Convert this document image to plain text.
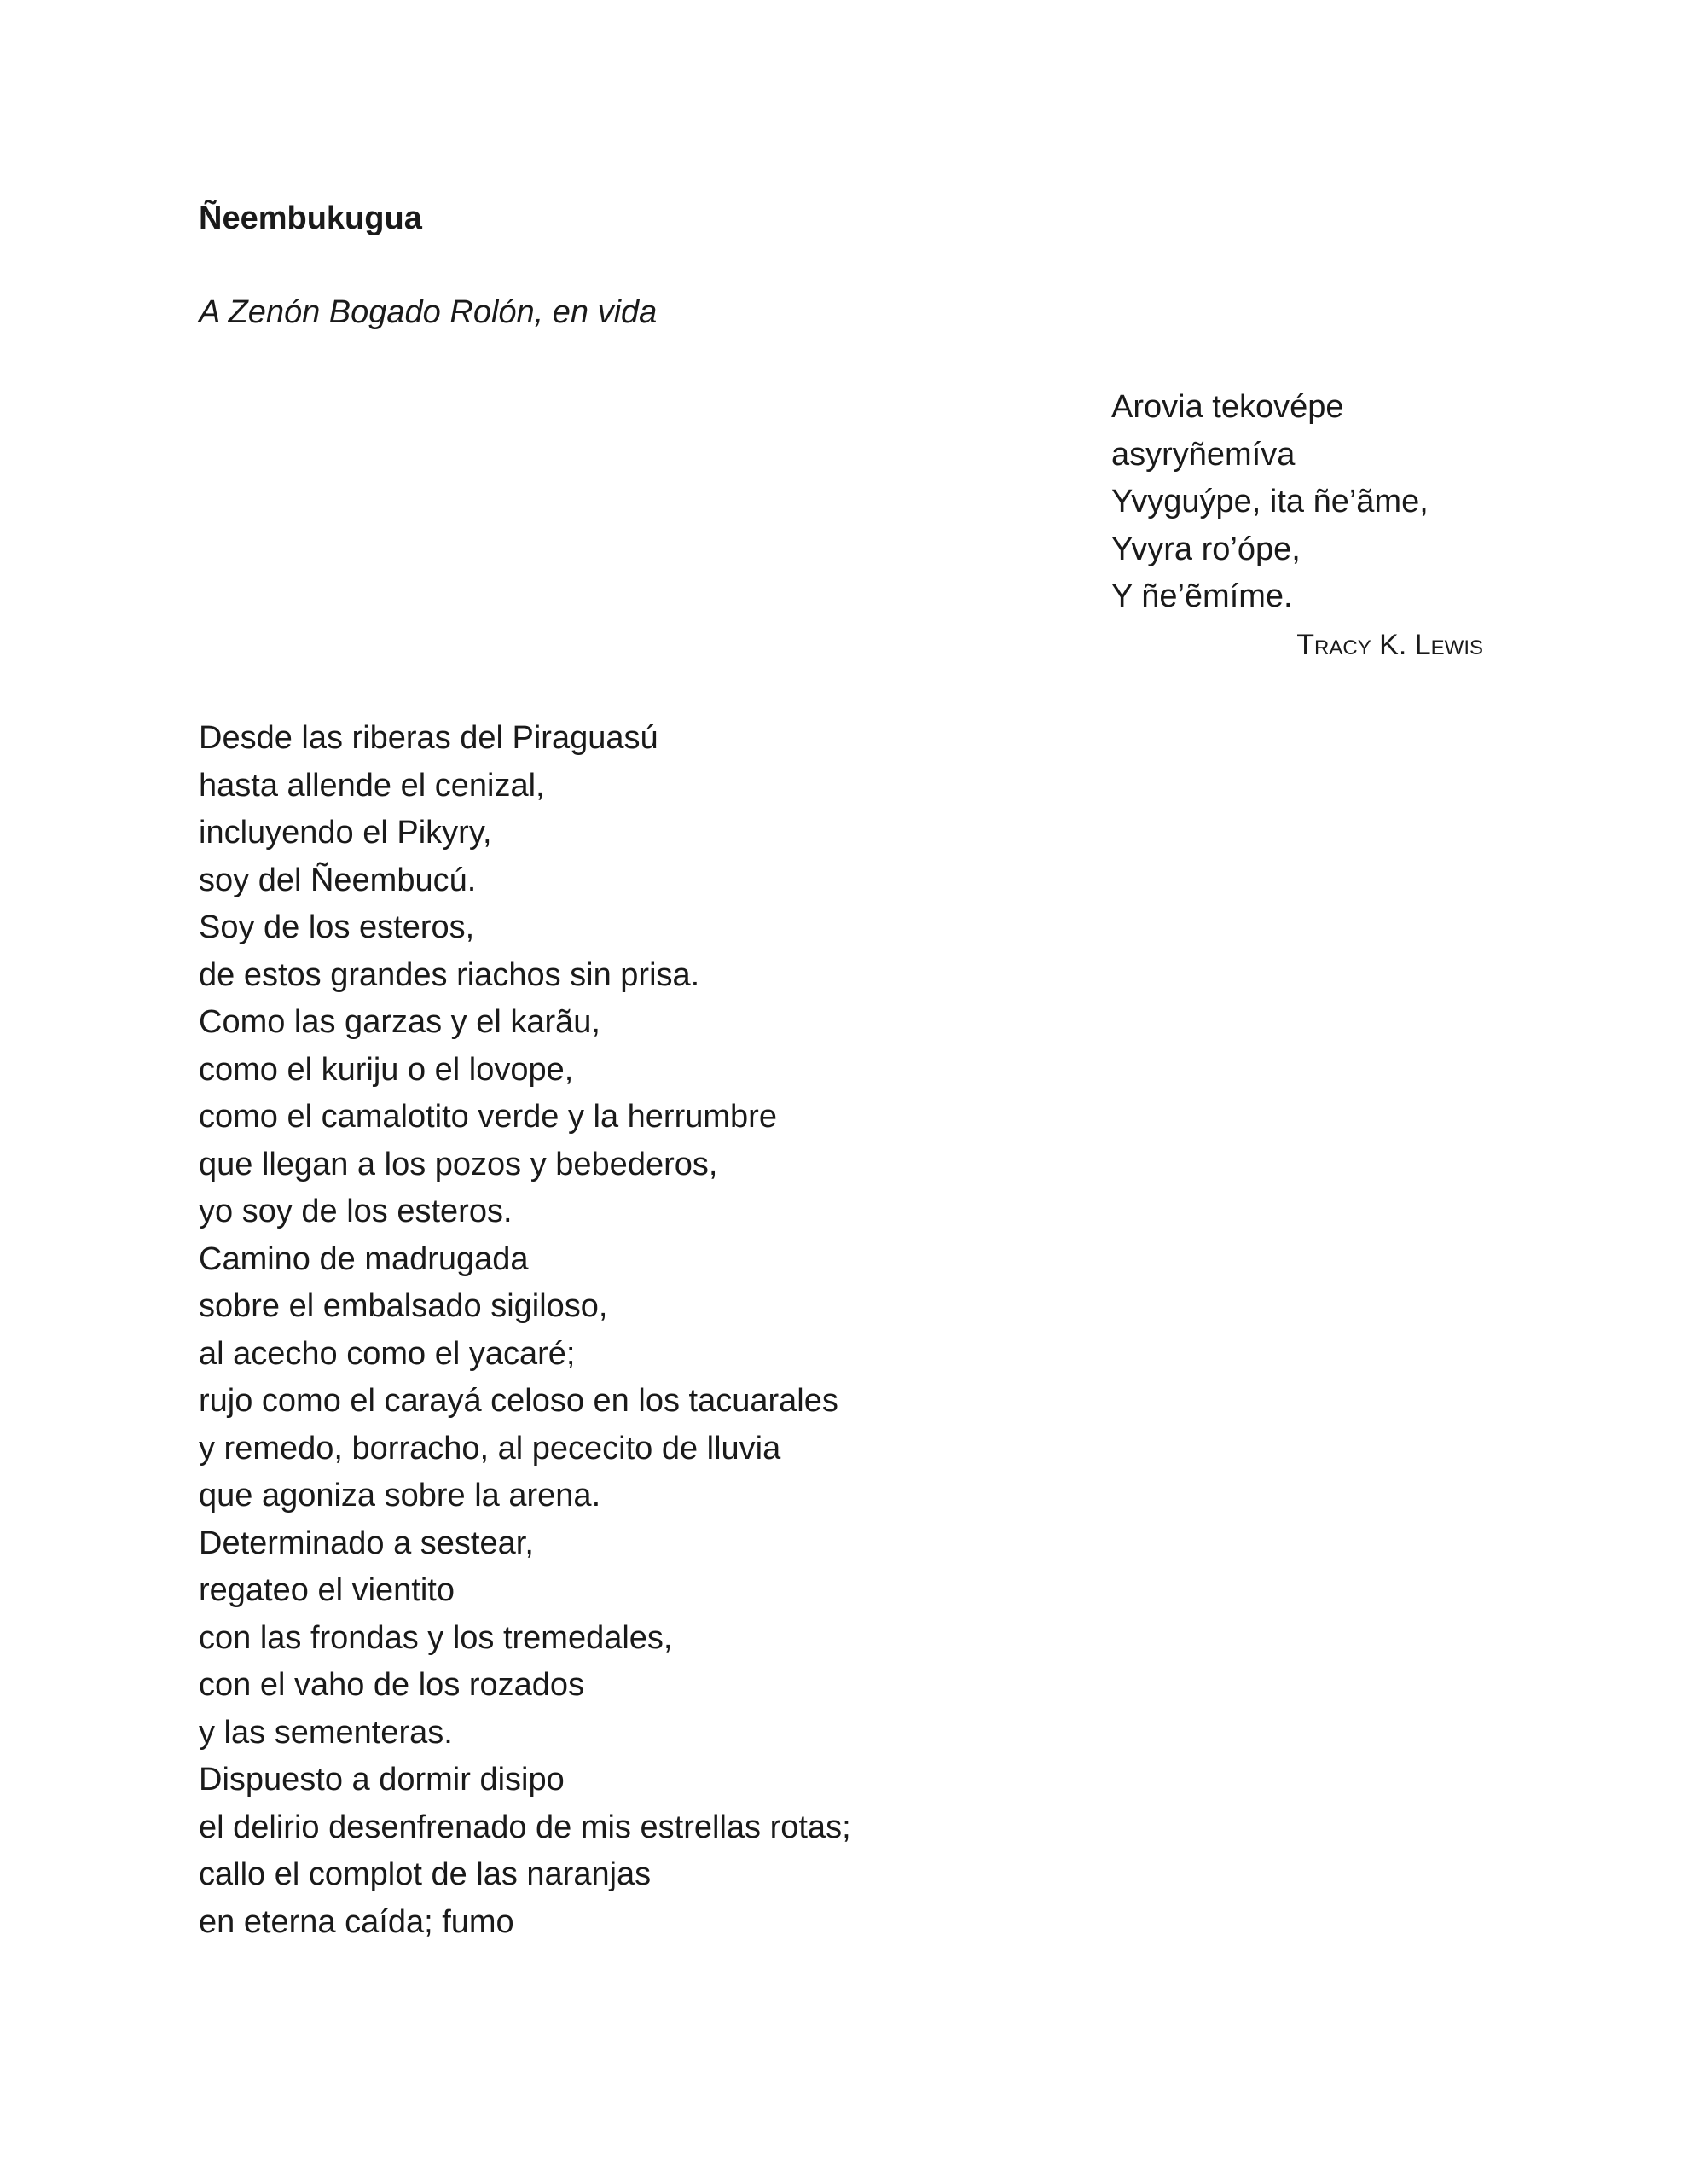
Ñeembukugua

A Zenón Bogado Rolón, en vida

Arovia tekovépe
asyryñemíva
Yvyguýpe, ita ñe’ãme,
Yvyra ro’ópe,
Y ñe’ẽmíme.

Tracy K. Lewis

Desde las riberas del Piraguasú
hasta allende el cenizal,
incluyendo el Pikyry,
soy del Ñeembucú.
Soy de los esteros,
de estos grandes riachos sin prisa.
Como las garzas y el karãu,
como el kuriju o el lovope,
como el camalotito verde y la herrumbre
que llegan a los pozos y bebederos,
yo soy de los esteros.
Camino de madrugada
sobre el embalsado sigiloso,
al acecho como el yacaré;
rujo como el carayá celoso en los tacuarales
y remedo, borracho, al pececito de lluvia
que agoniza sobre la arena.
Determinado a sestear,
regateo el vientito
con las frondas y los tremedales,
con el vaho de los rozados
y las sementeras.
Dispuesto a dormir disipo
el delirio desenfrenado de mis estrellas rotas;
callo el complot de las naranjas
en eterna caída; fumo
